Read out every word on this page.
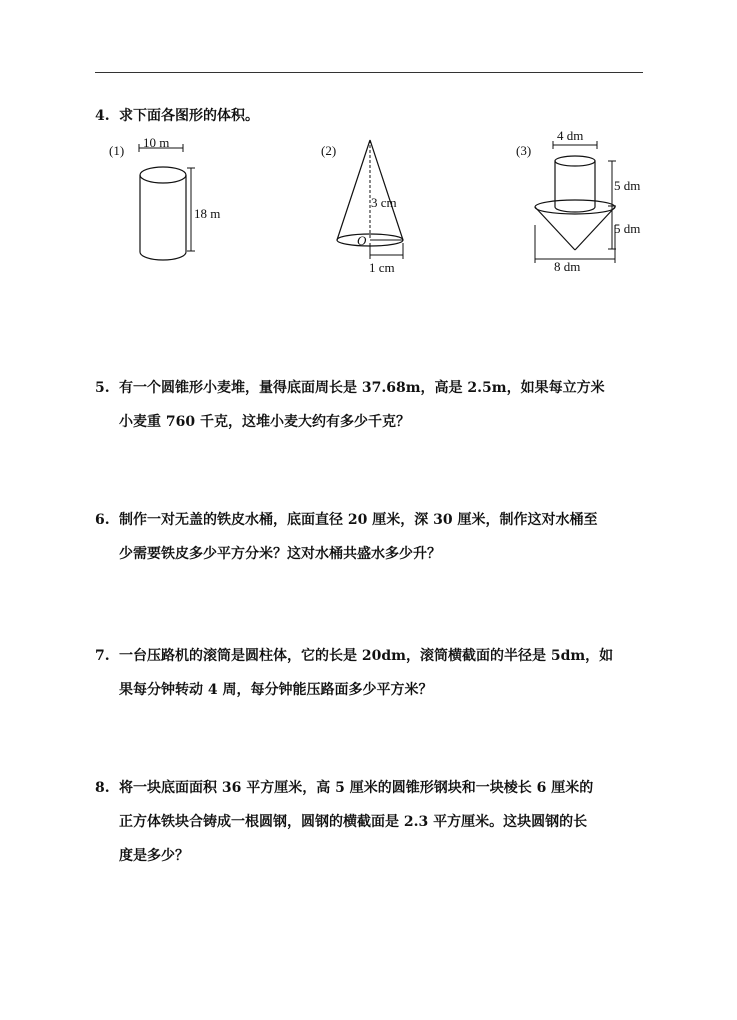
4. 求下面各图形的体积。
(1)
10 m
18 m
(2)
3 cm
O
1 cm
(3)
4 dm
8 dm
5 dm
5 dm
5. 有一个圆锥形小麦堆，量得底面周长是 37.68m，高是 2.5m，如果每立方米
小麦重 760 千克，这堆小麦大约有多少千克？
6. 制作一对无盖的铁皮水桶，底面直径 20 厘米，深 30 厘米，制作这对水桶至
少需要铁皮多少平方分米？这对水桶共盛水多少升？
7. 一台压路机的滚筒是圆柱体，它的长是 20dm，滚筒横截面的半径是 5dm，如
果每分钟转动 4 周，每分钟能压路面多少平方米？
8. 将一块底面面积 36 平方厘米，高 5 厘米的圆锥形钢块和一块棱长 6 厘米的
正方体铁块合铸成一根圆钢，圆钢的横截面是 2.3 平方厘米。这块圆钢的长
度是多少？
